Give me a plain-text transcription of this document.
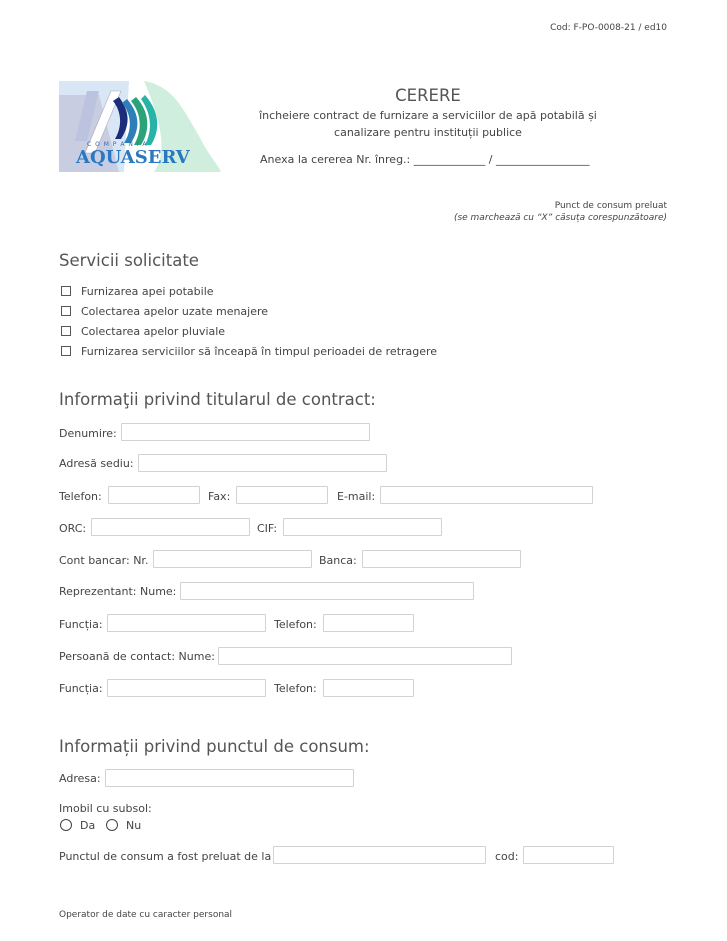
Cod: F-PO-0008-21 / ed10
C O M P A N I A
AQUASERV
CERERE
încheiere contract de furnizare a serviciilor de apă potabilă și
canalizare pentru instituții publice
Anexa la cererea Nr. înreg.: _____________ / _________________
Punct de consum preluat
(se marchează cu “X” căsuța corespunzătoare)
Servicii solicitate
Furnizarea apei potabile
Colectarea apelor uzate menajere
Colectarea apelor pluviale
Furnizarea serviciilor să înceapă în timpul perioadei de retragere
Informaţii privind titularul de contract:
Denumire:
Adresă sediu:
Telefon:	Fax:	E-mail:
ORC:	CIF:
Cont bancar: Nr.	Banca:
Reprezentant: Nume:
Funcția:	Telefon:
Persoană de contact: Nume:
Funcția:	Telefon:
Informații privind punctul de consum:
Adresa:
Imobil cu subsol:
Da	Nu
Punctul de consum a fost preluat de la	cod:
Operator de date cu caracter personal
